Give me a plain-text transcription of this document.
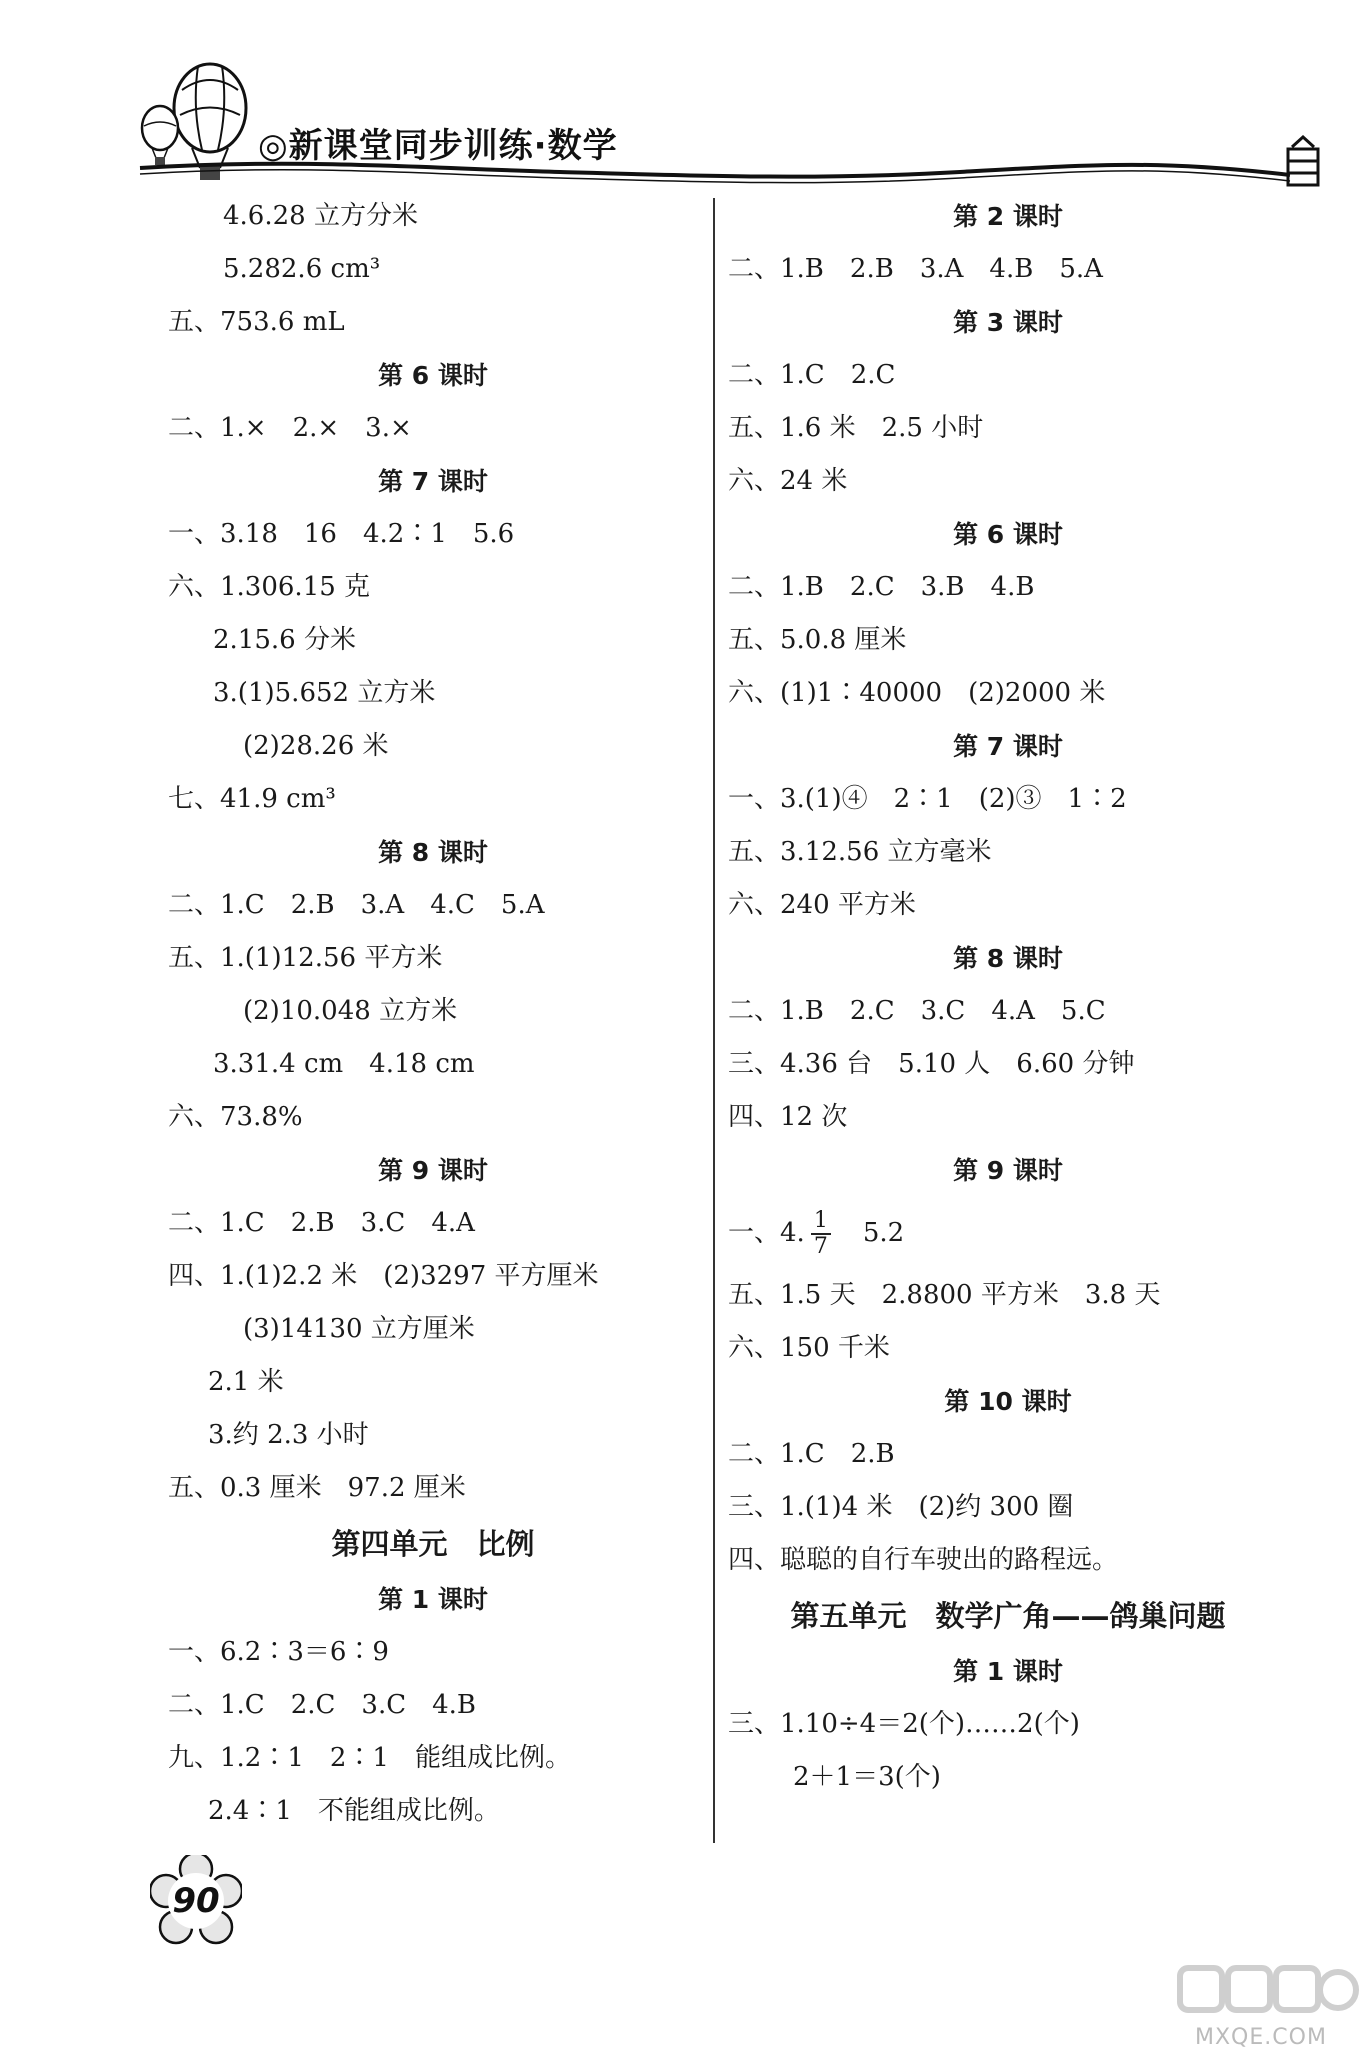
◎新课堂同步训练·数学
4.6.28 立方分米
5.282.6 cm³
五、753.6 mL
第 6 课时
二、1.×　2.×　3.×
第 7 课时
一、3.18　16　4.2∶1　5.6
六、1.306.15 克
2.15.6 分米
3.(1)5.652 立方米
(2)28.26 米
七、41.9 cm³
第 8 课时
二、1.C　2.B　3.A　4.C　5.A
五、1.(1)12.56 平方米
(2)10.048 立方米
3.31.4 cm　4.18 cm
六、73.8%
第 9 课时
二、1.C　2.B　3.C　4.A
四、1.(1)2.2 米　(2)3297 平方厘米
(3)14130 立方厘米
2.1 米
3.约 2.3 小时
五、0.3 厘米　97.2 厘米
第四单元　比例
第 1 课时
一、6.2∶3＝6∶9
二、1.C　2.C　3.C　4.B
九、1.2∶1　2∶1　能组成比例。
2.4∶1　不能组成比例。
第 2 课时
二、1.B　2.B　3.A　4.B　5.A
第 3 课时
二、1.C　2.C
五、1.6 米　2.5 小时
六、24 米
第 6 课时
二、1.B　2.C　3.B　4.B
五、5.0.8 厘米
六、(1)1∶40000　(2)2000 米
第 7 课时
一、3.(1)④　2∶1　(2)③　1∶2
五、3.12.56 立方毫米
六、240 平方米
第 8 课时
二、1.B　2.C　3.C　4.A　5.C
三、4.36 台　5.10 人　6.60 分钟
四、12 次
第 9 课时
一、4. $\frac{1}{7}$ 　5.2
五、1.5 天　2.8800 平方米　3.8 天
六、150 千米
第 10 课时
二、1.C　2.B
三、1.(1)4 米　(2)约 300 圈
四、聪聪的自行车驶出的路程远。
第五单元　数学广角——鸽巢问题
第 1 课时
三、1.10÷4＝2(个)……2(个)
2＋1＝3(个)
90
MXQE.COM
